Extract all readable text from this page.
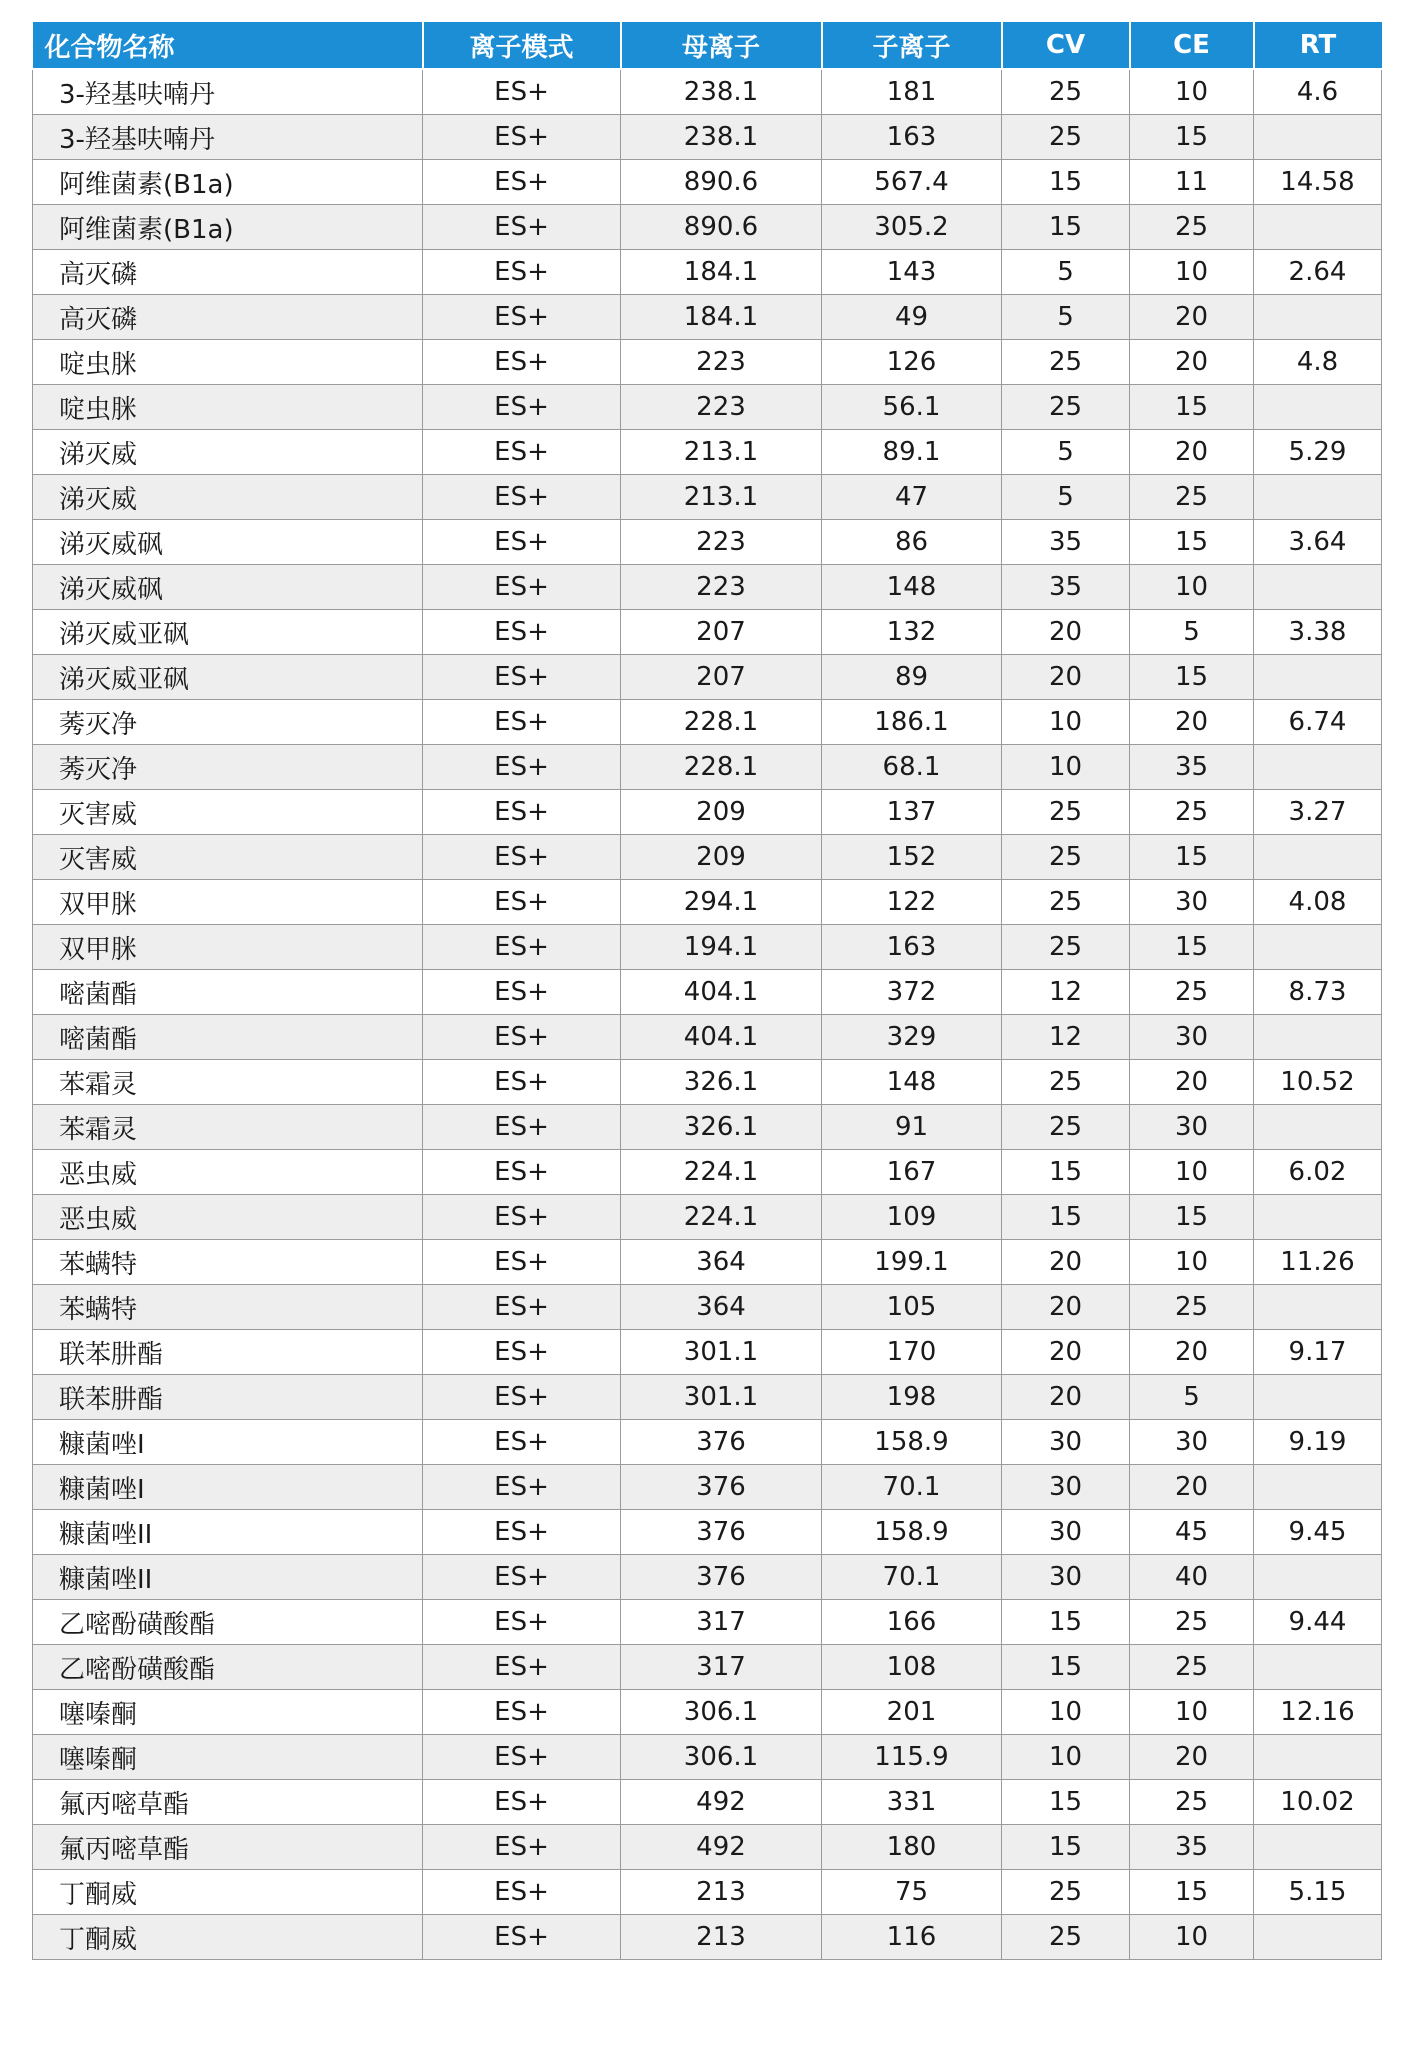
化合物名称	离子模式	母离子	子离子	CV	CE	RT
3-羟基呋喃丹	ES+	238.1	181	25	10	4.6
3-羟基呋喃丹	ES+	238.1	163	25	15	
阿维菌素(B1a)	ES+	890.6	567.4	15	11	14.58
阿维菌素(B1a)	ES+	890.6	305.2	15	25	
高灭磷	ES+	184.1	143	5	10	2.64
高灭磷	ES+	184.1	49	5	20	
啶虫脒	ES+	223	126	25	20	4.8
啶虫脒	ES+	223	56.1	25	15	
涕灭威	ES+	213.1	89.1	5	20	5.29
涕灭威	ES+	213.1	47	5	25	
涕灭威砜	ES+	223	86	35	15	3.64
涕灭威砜	ES+	223	148	35	10	
涕灭威亚砜	ES+	207	132	20	5	3.38
涕灭威亚砜	ES+	207	89	20	15	
莠灭净	ES+	228.1	186.1	10	20	6.74
莠灭净	ES+	228.1	68.1	10	35	
灭害威	ES+	209	137	25	25	3.27
灭害威	ES+	209	152	25	15	
双甲脒	ES+	294.1	122	25	30	4.08
双甲脒	ES+	194.1	163	25	15	
嘧菌酯	ES+	404.1	372	12	25	8.73
嘧菌酯	ES+	404.1	329	12	30	
苯霜灵	ES+	326.1	148	25	20	10.52
苯霜灵	ES+	326.1	91	25	30	
恶虫威	ES+	224.1	167	15	10	6.02
恶虫威	ES+	224.1	109	15	15	
苯螨特	ES+	364	199.1	20	10	11.26
苯螨特	ES+	364	105	20	25	
联苯肼酯	ES+	301.1	170	20	20	9.17
联苯肼酯	ES+	301.1	198	20	5	
糠菌唑I	ES+	376	158.9	30	30	9.19
糠菌唑I	ES+	376	70.1	30	20	
糠菌唑II	ES+	376	158.9	30	45	9.45
糠菌唑II	ES+	376	70.1	30	40	
乙嘧酚磺酸酯	ES+	317	166	15	25	9.44
乙嘧酚磺酸酯	ES+	317	108	15	25	
噻嗪酮	ES+	306.1	201	10	10	12.16
噻嗪酮	ES+	306.1	115.9	10	20	
氟丙嘧草酯	ES+	492	331	15	25	10.02
氟丙嘧草酯	ES+	492	180	15	35	
丁酮威	ES+	213	75	25	15	5.15
丁酮威	ES+	213	116	25	10	
